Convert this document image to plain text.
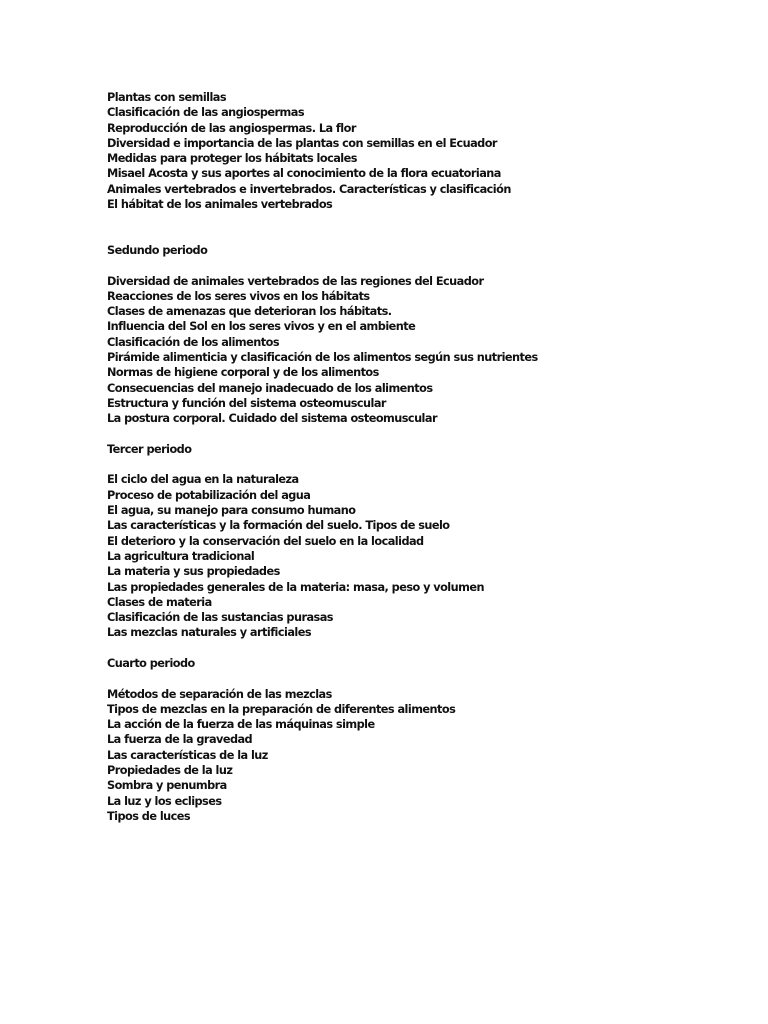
Plantas con semillas
Clasificación de las angiospermas
Reproducción de las angiospermas. La flor
Diversidad e importancia de las plantas con semillas en el Ecuador
Medidas para proteger los hábitats locales
Misael Acosta y sus aportes al conocimiento de la flora ecuatoriana
Animales vertebrados e invertebrados. Características y clasificación
El hábitat de los animales vertebrados
Sedundo periodo
Diversidad de animales vertebrados de las regiones del Ecuador
Reacciones de los seres vivos en los hábitats
Clases de amenazas que deterioran los hábitats.
Influencia del Sol en los seres vivos y en el ambiente
Clasificación de los alimentos
Pirámide alimenticia y clasificación de los alimentos según sus nutrientes
Normas de higiene corporal y de los alimentos
Consecuencias del manejo inadecuado de los alimentos
Estructura y función del sistema osteomuscular
La postura corporal. Cuidado del sistema osteomuscular
Tercer periodo
El ciclo del agua en la naturaleza
Proceso de potabilización del agua
El agua, su manejo para consumo humano
Las características y la formación del suelo. Tipos de suelo
El deterioro y la conservación del suelo en la localidad
La agricultura tradicional
La materia y sus propiedades
Las propiedades generales de la materia: masa, peso y volumen
Clases de materia
Clasificación de las sustancias purasas
Las mezclas naturales y artificiales
Cuarto periodo
Métodos de separación de las mezclas
Tipos de mezclas en la preparación de diferentes alimentos
La acción de la fuerza de las máquinas simple
La fuerza de la gravedad
Las características de la luz
Propiedades de la luz
Sombra y penumbra
La luz y los eclipses
Tipos de luces
